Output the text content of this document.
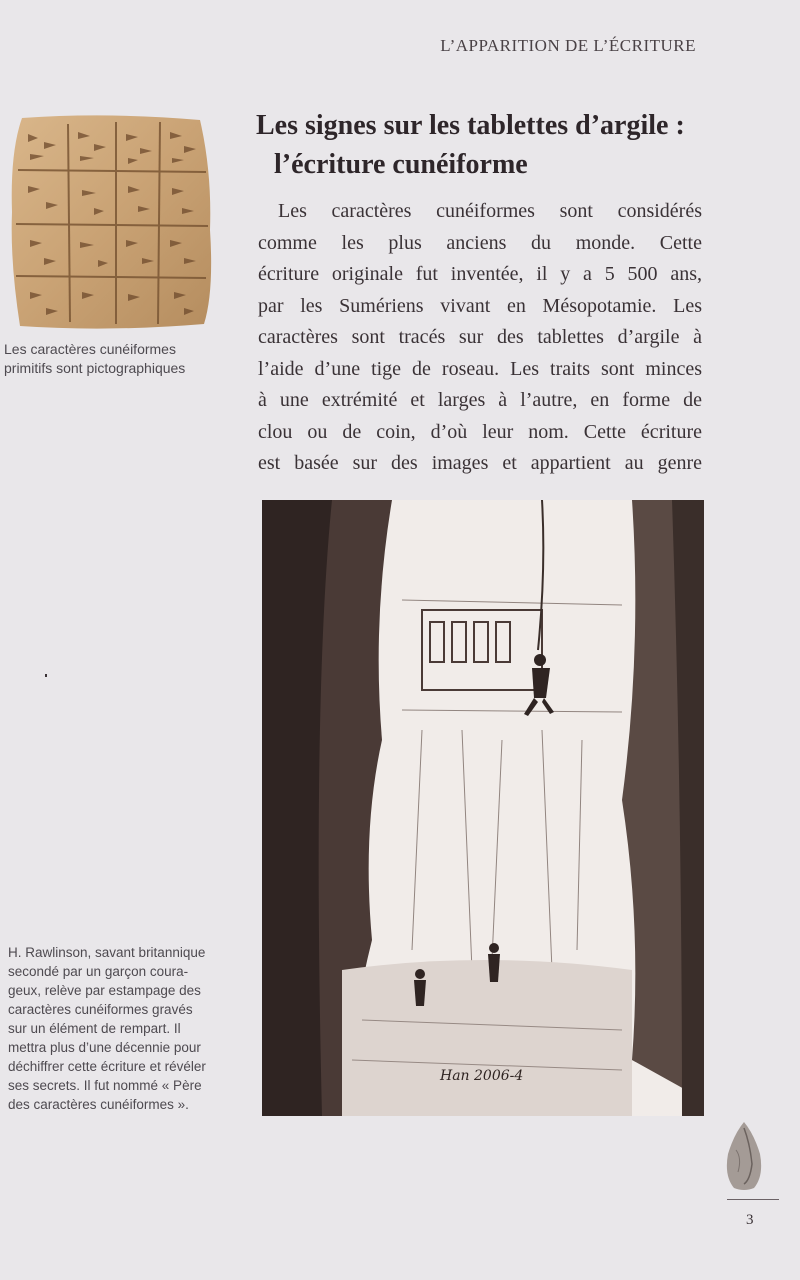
L’APPARITION DE L’ÉCRITURE
Les signes sur les tablettes d’argile :
l’écriture cunéiforme
Les caractères cunéiformes sont considérés
comme les plus anciens du monde. Cette
écriture originale fut inventée, il y a 5 500 ans,
par les Sumériens vivant en Mésopotamie. Les
caractères sont tracés sur des tablettes d’argile à
l’aide d’une tige de roseau. Les traits sont minces
à une extrémité et larges à l’autre, en forme de
clou ou de coin, d’où leur nom. Cette écriture
est basée sur des images et appartient au genre
Les caractères cunéiformes
primitifs sont pictographiques
Han 2006-4
H. Rawlinson, savant britannique
secondé par un garçon coura-
geux, relève par estampage des
caractères cunéiformes gravés
sur un élément de rempart. Il
mettra plus d’une décennie pour
déchiffrer cette écriture et révéler
ses secrets. Il fut nommé « Père
des caractères cunéiformes ».
3
